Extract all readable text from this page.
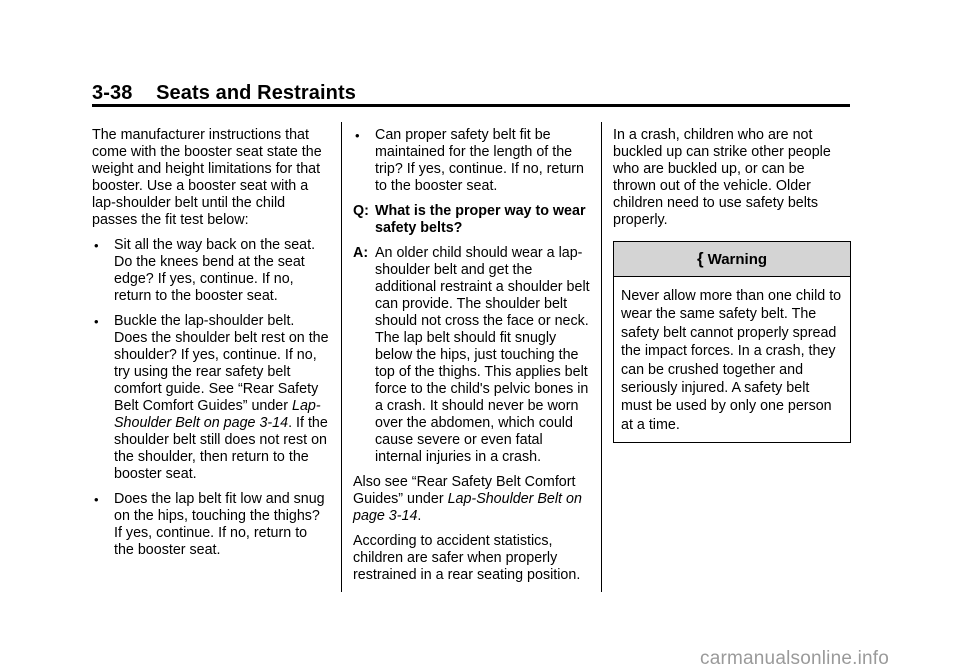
3-38 Seats and Restraints

The manufacturer instructions that come with the booster seat state the weight and height limitations for that booster. Use a booster seat with a lap-shoulder belt until the child passes the fit test below:

• Sit all the way back on the seat. Do the knees bend at the seat edge? If yes, continue. If no, return to the booster seat.
• Buckle the lap-shoulder belt. Does the shoulder belt rest on the shoulder? If yes, continue. If no, try using the rear safety belt comfort guide. See “Rear Safety Belt Comfort Guides” under Lap-Shoulder Belt on page 3-14. If the shoulder belt still does not rest on the shoulder, then return to the booster seat.
• Does the lap belt fit low and snug on the hips, touching the thighs? If yes, continue. If no, return to the booster seat.
• Can proper safety belt fit be maintained for the length of the trip? If yes, continue. If no, return to the booster seat.
Q: What is the proper way to wear safety belts?
A: An older child should wear a lap-shoulder belt and get the additional restraint a shoulder belt can provide. The shoulder belt should not cross the face or neck. The lap belt should fit snugly below the hips, just touching the top of the thighs. This applies belt force to the child's pelvic bones in a crash. It should never be worn over the abdomen, which could cause severe or even fatal internal injuries in a crash.

Also see “Rear Safety Belt Comfort Guides” under Lap-Shoulder Belt on page 3-14.

According to accident statistics, children are safer when properly restrained in a rear seating position.

In a crash, children who are not buckled up can strike other people who are buckled up, or can be thrown out of the vehicle. Older children need to use safety belts properly.

{ Warning
Never allow more than one child to wear the same safety belt. The safety belt cannot properly spread the impact forces. In a crash, they can be crushed together and seriously injured. A safety belt must be used by only one person at a time.
carmanualsonline.info
